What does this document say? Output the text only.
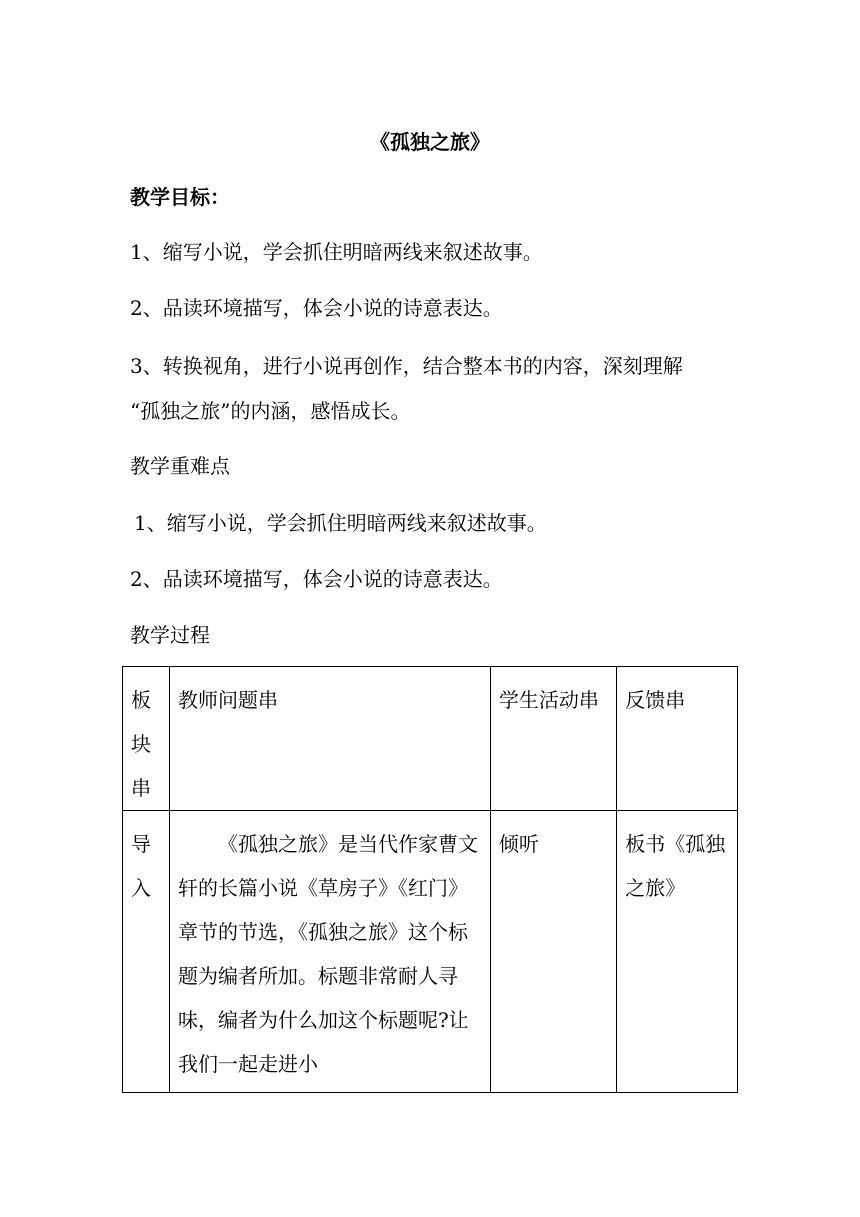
《孤独之旅》
教学目标：
1、缩写小说，学会抓住明暗两线来叙述故事。
2、品读环境描写，体会小说的诗意表达。
3、转换视角，进行小说再创作，结合整本书的内容，深刻理解
“孤独之旅”的内涵，感悟成长。
教学重难点
1、缩写小说，学会抓住明暗两线来叙述故事。
2、品读环境描写，体会小说的诗意表达。
教学过程
板块串	教师问题串	学生活动串	反馈串
导入	《孤独之旅》是当代作家曹文轩的长篇小说《草房子》《红门》章节的节选，《孤独之旅》这个标题为编者所加。标题非常耐人寻味，编者为什么加这个标题呢?让我们一起走进小	倾听	板书《孤独之旅》
